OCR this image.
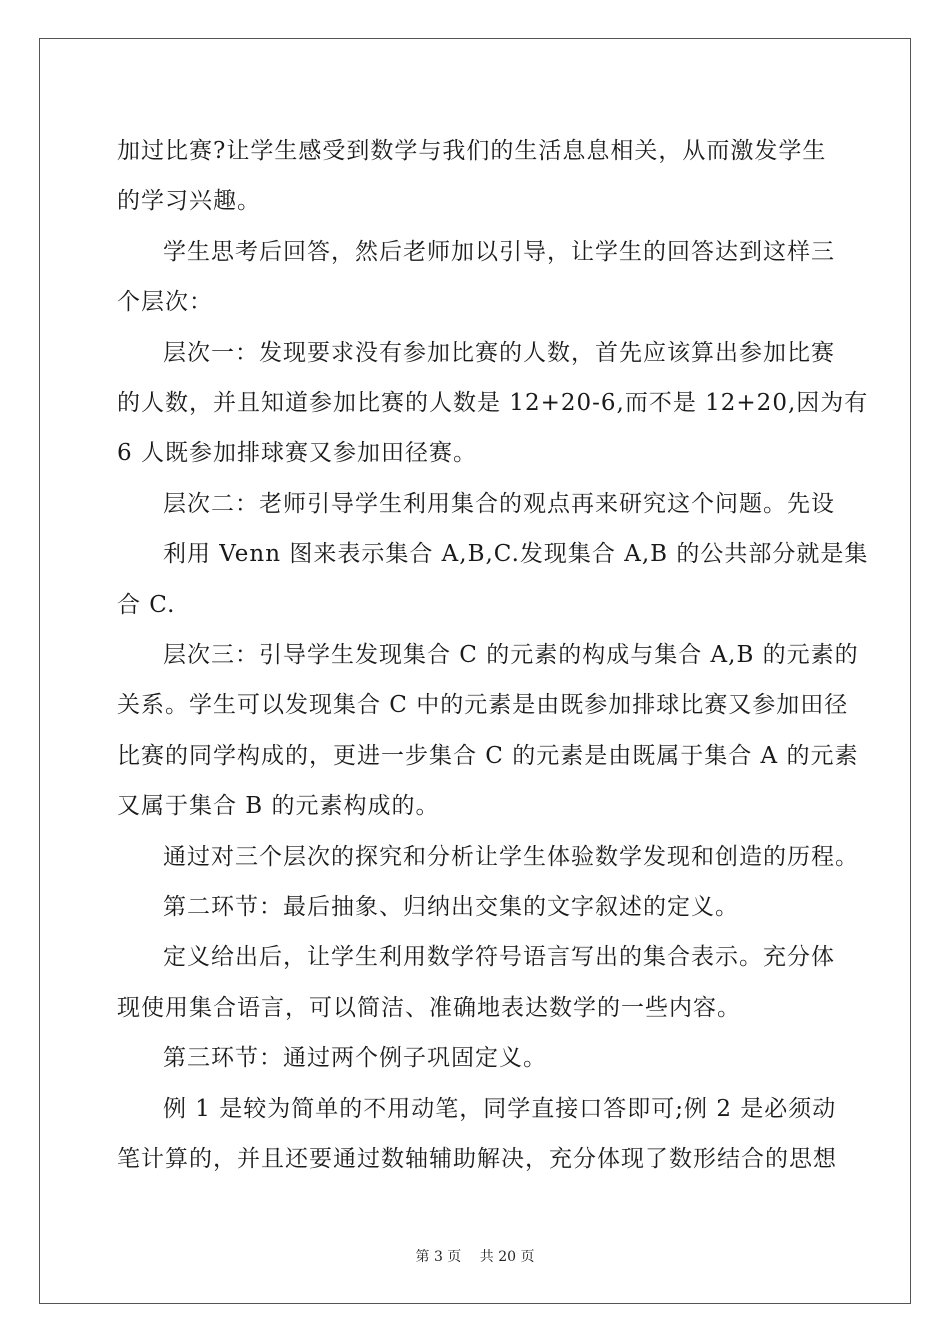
加过比赛?让学生感受到数学与我们的生活息息相关，从而激发学生
的学习兴趣。
学生思考后回答，然后老师加以引导，让学生的回答达到这样三
个层次：
层次一：发现要求没有参加比赛的人数，首先应该算出参加比赛
的人数，并且知道参加比赛的人数是 12+20-6,而不是 12+20,因为有
6 人既参加排球赛又参加田径赛。
层次二：老师引导学生利用集合的观点再来研究这个问题。先设
利用 Venn 图来表示集合 A,B,C.发现集合 A,B 的公共部分就是集
合 C.
层次三：引导学生发现集合 C 的元素的构成与集合 A,B 的元素的
关系。学生可以发现集合 C 中的元素是由既参加排球比赛又参加田径
比赛的同学构成的，更进一步集合 C 的元素是由既属于集合 A 的元素
又属于集合 B 的元素构成的。
通过对三个层次的探究和分析让学生体验数学发现和创造的历程。
第二环节：最后抽象、归纳出交集的文字叙述的定义。
定义给出后，让学生利用数学符号语言写出的集合表示。充分体
现使用集合语言，可以简洁、准确地表达数学的一些内容。
第三环节：通过两个例子巩固定义。
例 1 是较为简单的不用动笔，同学直接口答即可;例 2 是必须动
笔计算的，并且还要通过数轴辅助解决，充分体现了数形结合的思想
第 3 页　 共 20 页
